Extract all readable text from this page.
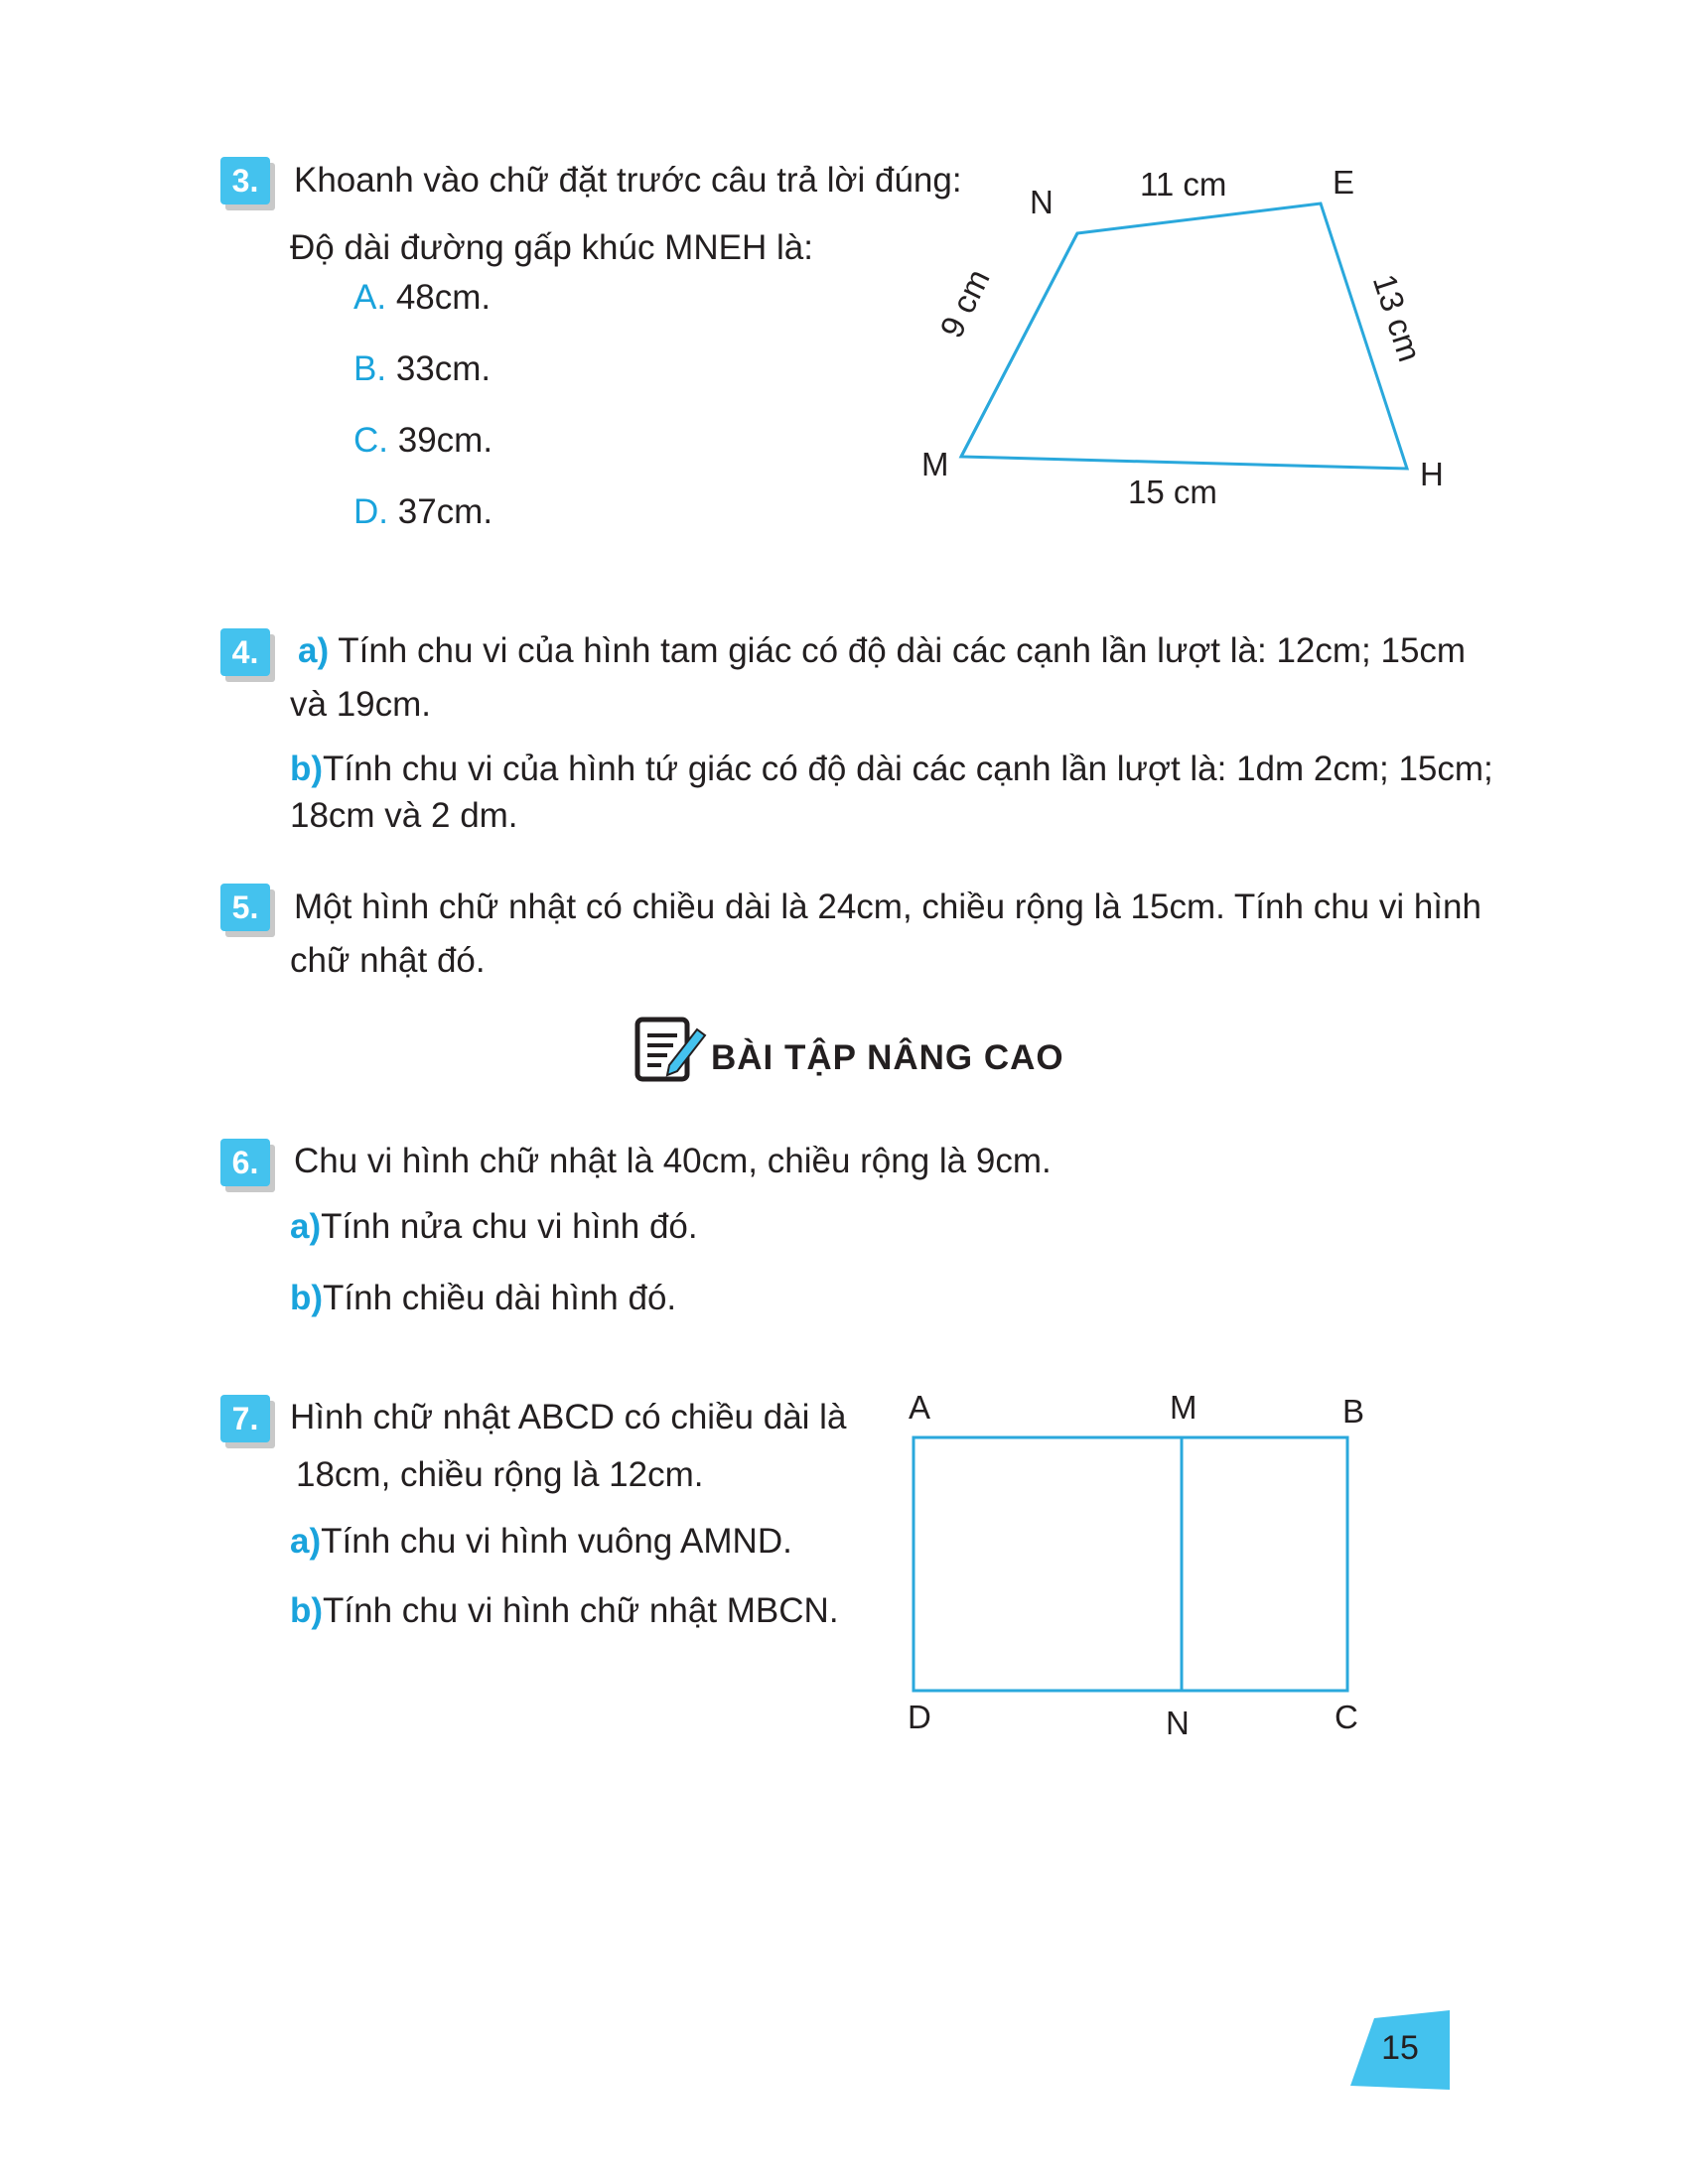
3.	Khoanh vào chữ đặt trước câu trả lời đúng:
Độ dài đường gấp khúc MNEH là:
A. 48cm.
B. 33cm.
C. 39cm.
D. 37cm.
N
E
M	H
11 cm
15 cm
9 cm	13 cm
4.	a) Tính chu vi của hình tam giác có độ dài các cạnh lần lượt là: 12cm; 15cm
và 19cm.
b)Tính chu vi của hình tứ giác có độ dài các cạnh lần lượt là: 1dm 2cm; 15cm;
18cm và 2 dm.
5.	Một hình chữ nhật có chiều dài là 24cm, chiều rộng là 15cm. Tính chu vi hình
chữ nhật đó.
BÀI TẬP NÂNG CAO
6.	Chu vi hình chữ nhật là 40cm, chiều rộng là 9cm.
a)Tính nửa chu vi hình đó.
b)Tính chiều dài hình đó.
7. Hình chữ nhật ABCD có chiều dài là
18cm, chiều rộng là 12cm.
a)Tính chu vi hình vuông AMND.
b)Tính chu vi hình chữ nhật MBCN.
A	M	B
D	N	C
15
